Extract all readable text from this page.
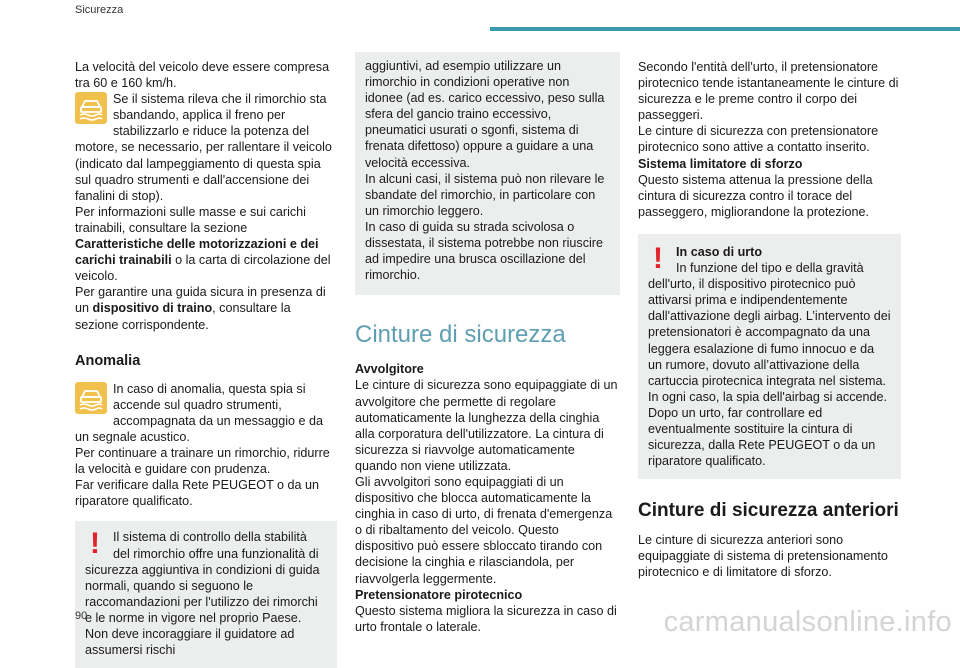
Sicurezza

La velocità del veicolo deve essere compresa tra 60 e 160 km/h.

Se il sistema rileva che il rimorchio sta sbandando, applica il freno per stabilizzarlo e riduce la potenza del motore, se necessario, per rallentare il veicolo (indicato dal lampeggiamento di questa spia sul quadro strumenti e dall'accensione dei fanalini di stop).

Per informazioni sulle masse e sui carichi trainabili, consultare la sezione Caratteristiche delle motorizzazioni e dei carichi trainabili o la carta di circolazione del veicolo.

Per garantire una guida sicura in presenza di un dispositivo di traino, consultare la sezione corrispondente.

Anomalia

In caso di anomalia, questa spia si accende sul quadro strumenti, accompagnata da un messaggio e da un segnale acustico.

Per continuare a trainare un rimorchio, ridurre la velocità e guidare con prudenza.

Far verificare dalla Rete PEUGEOT o da un riparatore qualificato.

!	Il sistema di controllo della stabilità del rimorchio offre una funzionalità di sicurezza aggiuntiva in condizioni di guida normali, quando si seguono le raccomandazioni per l'utilizzo dei rimorchi e le norme in vigore nel proprio Paese. Non deve incoraggiare il guidatore ad assumersi rischi

aggiuntivi, ad esempio utilizzare un rimorchio in condizioni operative non idonee (ad es. carico eccessivo, peso sulla sfera del gancio traino eccessivo, pneumatici usurati o sgonfi, sistema di frenata difettoso) oppure a guidare a una velocità eccessiva.

In alcuni casi, il sistema può non rilevare le sbandate del rimorchio, in particolare con un rimorchio leggero.

In caso di guida su strada scivolosa o dissestata, il sistema potrebbe non riuscire ad impedire una brusca oscillazione del rimorchio.

Cinture di sicurezza

Avvolgitore

Le cinture di sicurezza sono equipaggiate di un avvolgitore che permette di regolare automaticamente la lunghezza della cinghia alla corporatura dell'utilizzatore. La cintura di sicurezza si riavvolge automaticamente quando non viene utilizzata.

Gli avvolgitori sono equipaggiati di un dispositivo che blocca automaticamente la cinghia in caso di urto, di frenata d'emergenza o di ribaltamento del veicolo. Questo dispositivo può essere sbloccato tirando con decisione la cinghia e rilasciandola, per riavvolgerla leggermente.

Pretensionatore pirotecnico

Questo sistema migliora la sicurezza in caso di urto frontale o laterale.

Secondo l'entità dell'urto, il pretensionatore pirotecnico tende istantaneamente le cinture di sicurezza e le preme contro il corpo dei passeggeri.

Le cinture di sicurezza con pretensionatore pirotecnico sono attive a contatto inserito.

Sistema limitatore di sforzo

Questo sistema attenua la pressione della cintura di sicurezza contro il torace del passeggero, migliorandone la protezione.

!	In caso di urto

In funzione del tipo e della gravità dell'urto, il dispositivo pirotecnico può attivarsi prima e indipendentemente dall'attivazione degli airbag. L’intervento dei pretensionatori è accompagnato da una leggera esalazione di fumo innocuo e da un rumore, dovuto all’attivazione della cartuccia pirotecnica integrata nel sistema.

In ogni caso, la spia dell'airbag si accende.

Dopo un urto, far controllare ed eventualmente sostituire la cintura di sicurezza, dalla Rete PEUGEOT o da un riparatore qualificato.

Cinture di sicurezza anteriori

Le cinture di sicurezza anteriori sono equipaggiate di sistema di pretensionamento pirotecnico e di limitatore di sforzo.

90	carmanualsonline.info
